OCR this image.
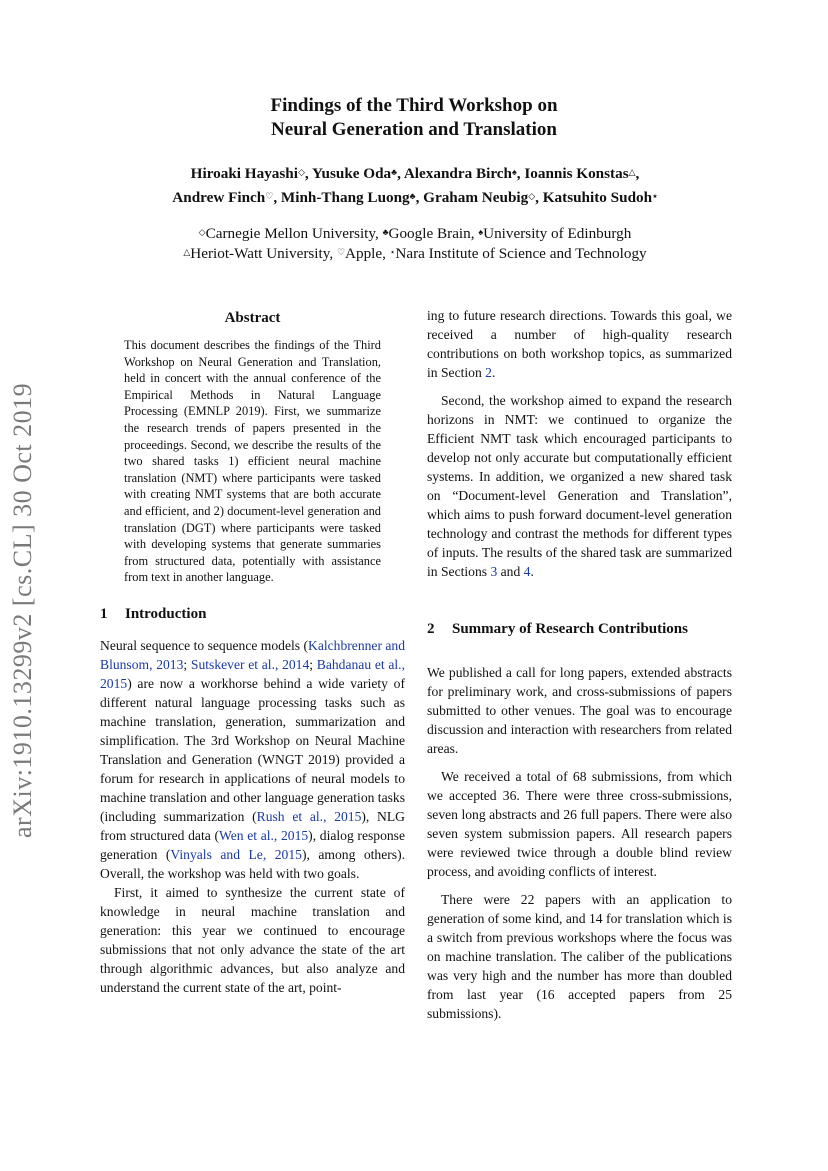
arXiv:1910.13299v2 [cs.CL] 30 Oct 2019
Findings of the Third Workshop on
Neural Generation and Translation
Hiroaki Hayashi◇, Yusuke Oda♣, Alexandra Birch♠, Ioannis Konstas△,
Andrew Finch♡, Minh-Thang Luong♣, Graham Neubig◇, Katsuhito Sudoh⋆
◇Carnegie Mellon University, ♣Google Brain, ♠University of Edinburgh
△Heriot-Watt University, ♡Apple, ⋆Nara Institute of Science and Technology
Abstract
This document describes the findings of the Third Workshop on Neural Generation and Translation, held in concert with the annual conference of the Empirical Methods in Natural Language Processing (EMNLP 2019). First, we summarize the research trends of papers presented in the proceedings. Second, we describe the results of the two shared tasks 1) efficient neural machine translation (NMT) where participants were tasked with creating NMT systems that are both accurate and efficient, and 2) document-level generation and translation (DGT) where participants were tasked with developing systems that generate summaries from structured data, potentially with assistance from text in another language.
1	Introduction

Neural sequence to sequence models (Kalchbrenner and Blunsom, 2013; Sutskever et al., 2014; Bahdanau et al., 2015) are now a workhorse behind a wide variety of different natural language processing tasks such as machine translation, generation, summarization and simplification. The 3rd Workshop on Neural Machine Translation and Generation (WNGT 2019) provided a forum for research in applications of neural models to machine translation and other language generation tasks (including summarization (Rush et al., 2015), NLG from structured data (Wen et al., 2015), dialog response generation (Vinyals and Le, 2015), among others). Overall, the workshop was held with two goals.

First, it aimed to synthesize the current state of knowledge in neural machine translation and generation: this year we continued to encourage submissions that not only advance the state of the art through algorithmic advances, but also analyze and understand the current state of the art, point-

ing to future research directions. Towards this goal, we received a number of high-quality research contributions on both workshop topics, as summarized in Section 2.

Second, the workshop aimed to expand the research horizons in NMT: we continued to organize the Efficient NMT task which encouraged participants to develop not only accurate but computationally efficient systems. In addition, we organized a new shared task on “Document-level Generation and Translation”, which aims to push forward document-level generation technology and contrast the methods for different types of inputs. The results of the shared task are summarized in Sections 3 and 4.

2	Summary of Research Contributions

We published a call for long papers, extended abstracts for preliminary work, and cross-submissions of papers submitted to other venues. The goal was to encourage discussion and interaction with researchers from related areas.

We received a total of 68 submissions, from which we accepted 36. There were three cross-submissions, seven long abstracts and 26 full papers. There were also seven system submission papers. All research papers were reviewed twice through a double blind review process, and avoiding conflicts of interest.

There were 22 papers with an application to generation of some kind, and 14 for translation which is a switch from previous workshops where the focus was on machine translation. The caliber of the publications was very high and the number has more than doubled from last year (16 accepted papers from 25 submissions).
